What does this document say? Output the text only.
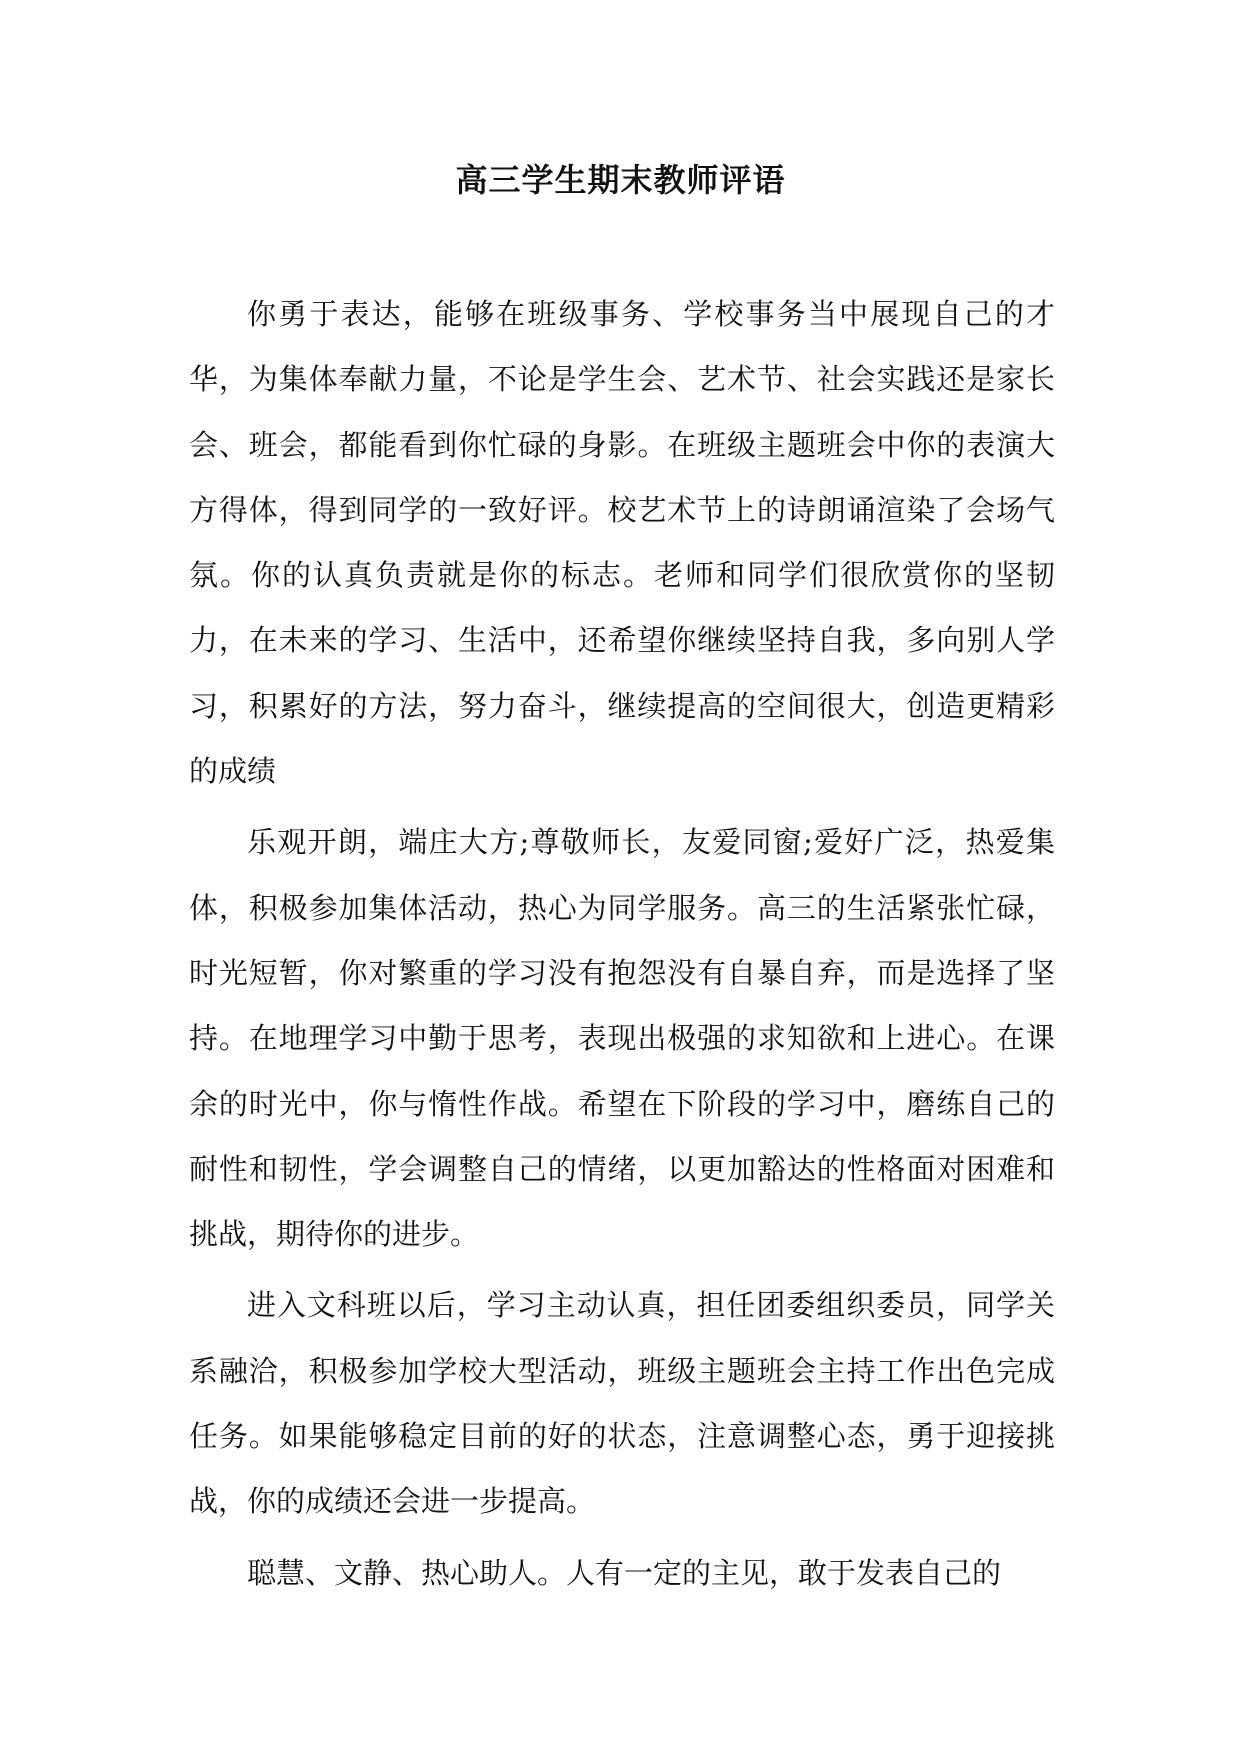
高三学生期末教师评语

你勇于表达，能够在班级事务、学校事务当中展现自己的才华，为集体奉献力量，不论是学生会、艺术节、社会实践还是家长会、班会，都能看到你忙碌的身影。在班级主题班会中你的表演大方得体，得到同学的一致好评。校艺术节上的诗朗诵渲染了会场气氛。你的认真负责就是你的标志。老师和同学们很欣赏你的坚韧力，在未来的学习、生活中，还希望你继续坚持自我，多向别人学习，积累好的方法，努力奋斗，继续提高的空间很大，创造更精彩的成绩

乐观开朗，端庄大方;尊敬师长，友爱同窗;爱好广泛，热爱集体，积极参加集体活动，热心为同学服务。高三的生活紧张忙碌，时光短暂，你对繁重的学习没有抱怨没有自暴自弃，而是选择了坚持。在地理学习中勤于思考，表现出极强的求知欲和上进心。在课余的时光中，你与惰性作战。希望在下阶段的学习中，磨练自己的耐性和韧性，学会调整自己的情绪，以更加豁达的性格面对困难和挑战，期待你的进步。

进入文科班以后，学习主动认真，担任团委组织委员，同学关系融洽，积极参加学校大型活动，班级主题班会主持工作出色完成任务。如果能够稳定目前的好的状态，注意调整心态，勇于迎接挑战，你的成绩还会进一步提高。

聪慧、文静、热心助人。人有一定的主见，敢于发表自己的
